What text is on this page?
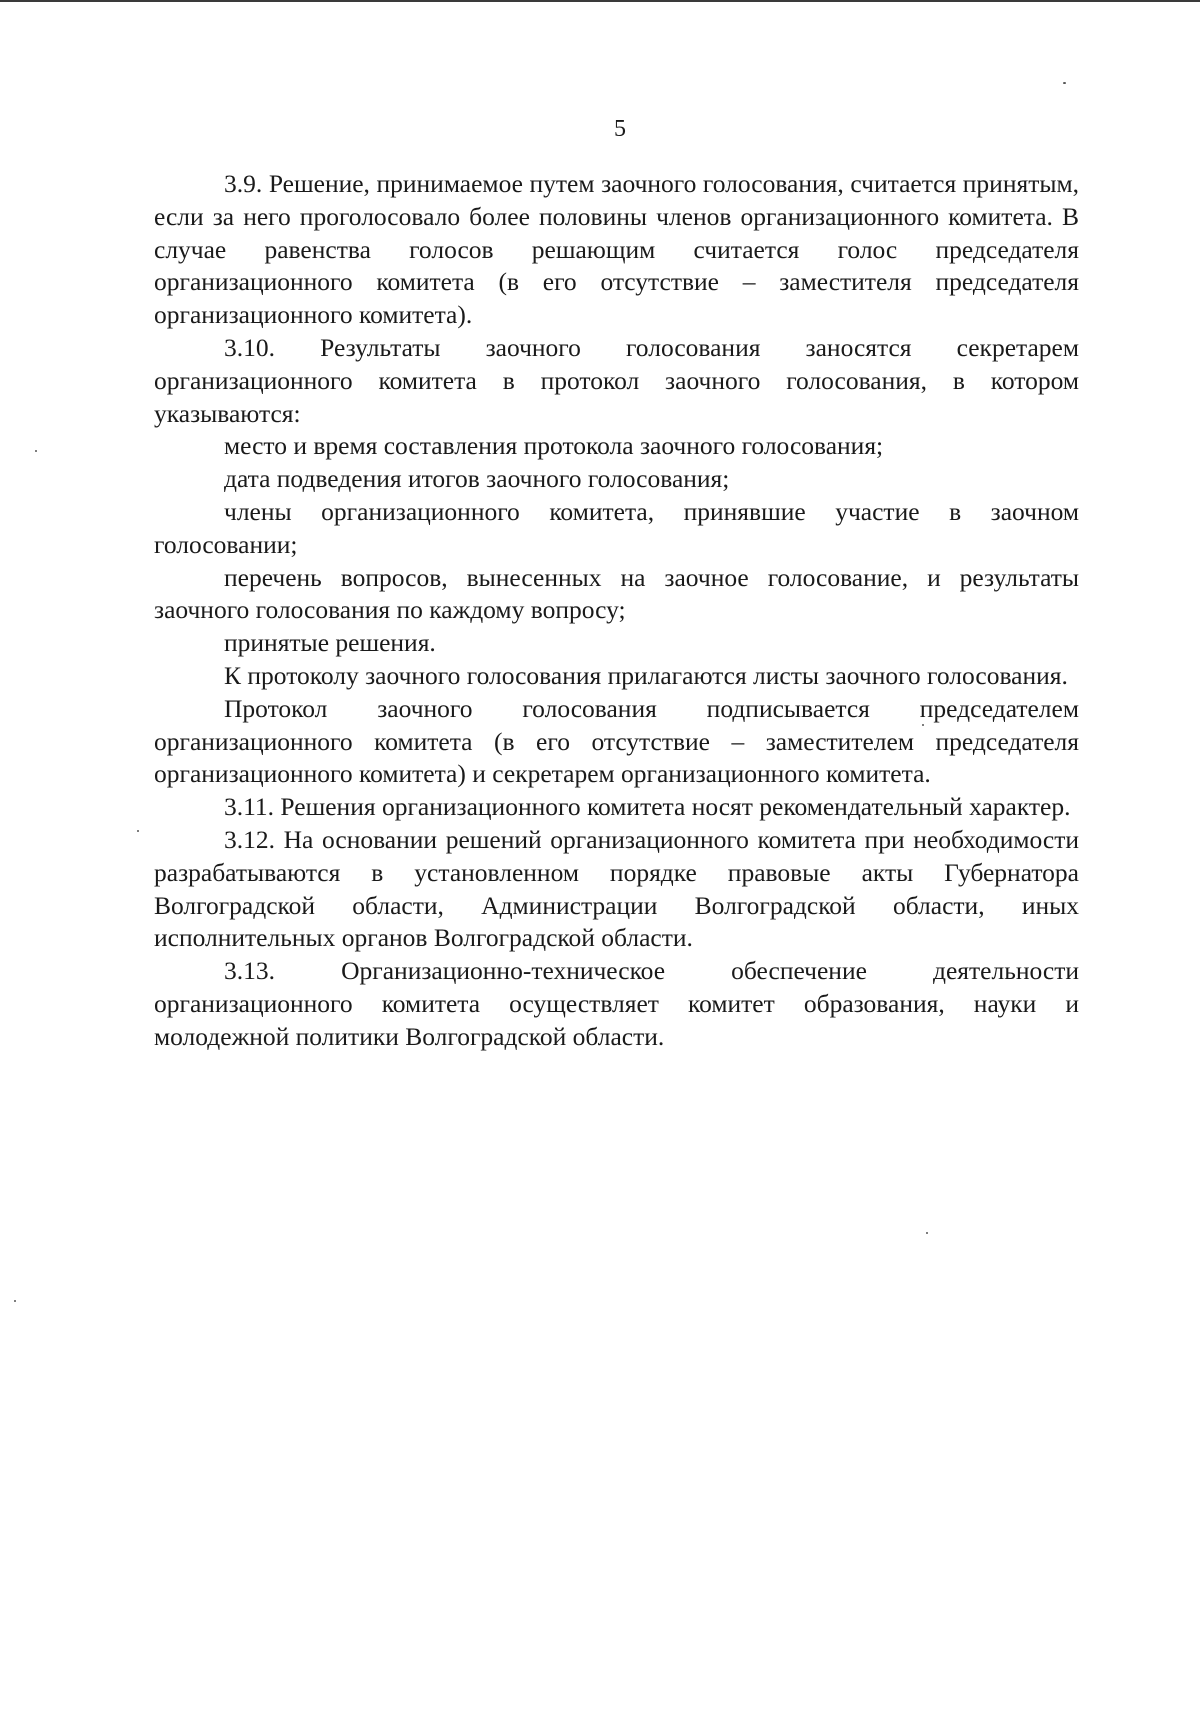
5

3.9. Решение, принимаемое путем заочного голосования, считается принятым, если за него проголосовало более половины членов организационного комитета. В случае равенства голосов решающим считается голос председателя организационного комитета (в его отсутствие – заместителя председателя организационного комитета).

3.10. Результаты заочного голосования заносятся секретарем организационного комитета в протокол заочного голосования, в котором указываются:

место и время составления протокола заочного голосования;

дата подведения итогов заочного голосования;

члены организационного комитета, принявшие участие в заочном голосовании;

перечень вопросов, вынесенных на заочное голосование, и результаты заочного голосования по каждому вопросу;

принятые решения.

К протоколу заочного голосования прилагаются листы заочного голосования.

Протокол заочного голосования подписывается председателем организационного комитета (в его отсутствие – заместителем председателя организационного комитета) и секретарем организационного комитета.

3.11. Решения организационного комитета носят рекомендательный характер.

3.12. На основании решений организационного комитета при необходимости разрабатываются в установленном порядке правовые акты Губернатора Волгоградской области, Администрации Волгоградской области, иных исполнительных органов Волгоградской области.

3.13. Организационно-техническое обеспечение деятельности организационного комитета осуществляет комитет образования, науки и молодежной политики Волгоградской области.
